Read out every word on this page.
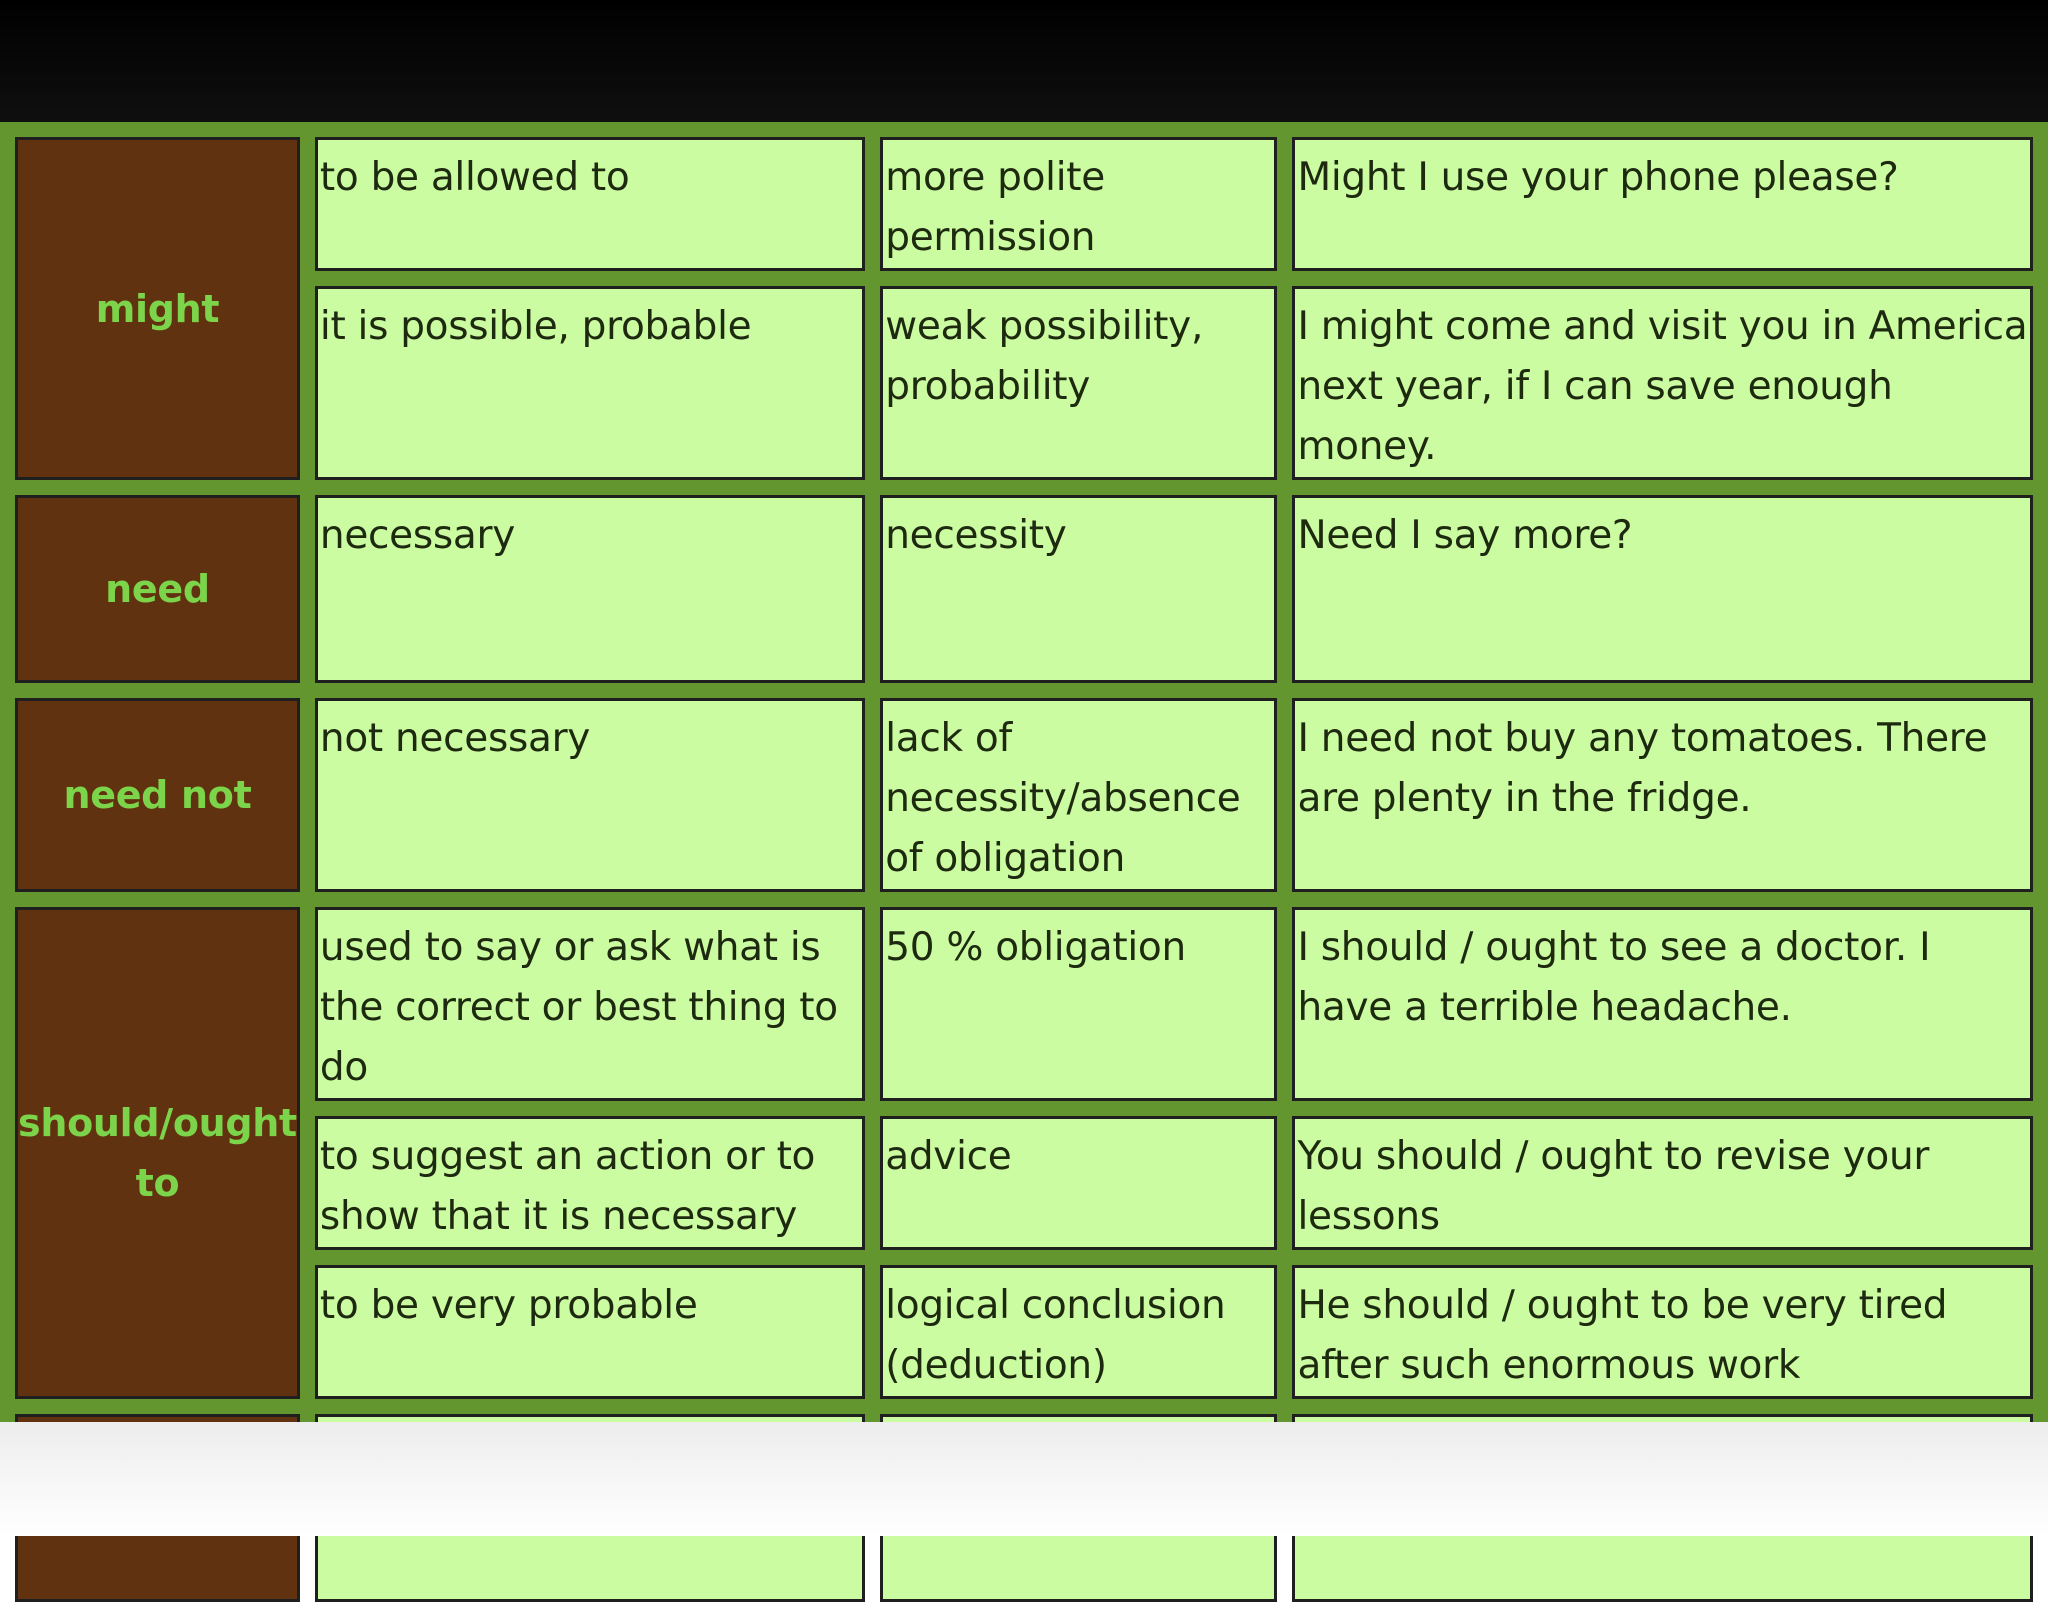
might	to be allowed to	more polite permission	Might I use your phone please?
	it is possible, probable	weak possibility, probability	I might come and visit you in America next year, if I can save enough money.
need	necessary	necessity	Need I say more?
need not	not necessary	lack of necessity/absence of obligation	I need not buy any tomatoes. There are plenty in the fridge.
should/ought to	used to say or ask what is the correct or best thing to do	50 % obligation	I should / ought to see a doctor. I have a terrible headache.
	to suggest an action or to show that it is necessary	advice	You should / ought to revise your lessons
	to be very probable	logical conclusion (deduction)	He should / ought to be very tired after such enormous work
